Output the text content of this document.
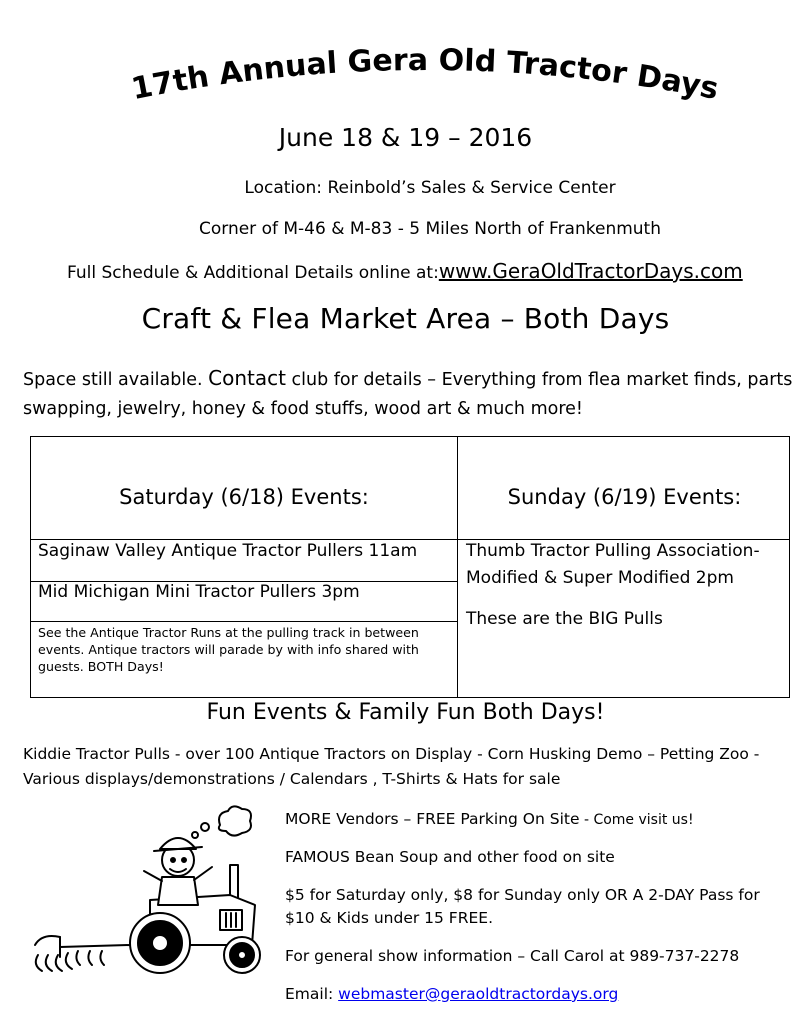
17th Annual Gera Old Tractor Days
June 18 & 19 – 2016
Location: Reinbold’s Sales & Service Center
Corner of M-46 & M-83 - 5 Miles North of Frankenmuth
Full Schedule & Additional Details online at:www.GeraOldTractorDays.com
Craft & Flea Market Area – Both Days
Space still available. Contact club for details – Everything from flea market finds, parts swapping, jewelry, honey & food stuffs, wood art & much more!
Saturday (6/18) Events:	Sunday (6/19) Events:
Saginaw Valley Antique Tractor Pullers 11am
Mid Michigan Mini Tractor Pullers 3pm
See the Antique Tractor Runs at the pulling track in between
events. Antique tractors will parade by with info shared with
guests. BOTH Days!
Thumb Tractor Pulling Association-
Modified & Super Modified 2pm
These are the BIG Pulls
Fun Events & Family Fun Both Days!
Kiddie Tractor Pulls - over 100 Antique Tractors on Display - Corn Husking Demo – Petting Zoo - Various displays/demonstrations / Calendars , T-Shirts & Hats for sale
MORE Vendors – FREE Parking On Site - Come visit us!
FAMOUS Bean Soup and other food on site
$5 for Saturday only, $8 for Sunday only OR A 2-DAY Pass for
$10 & Kids under 15 FREE.
For general show information – Call Carol at 989-737-2278
Email: webmaster@geraoldtractordays.org
